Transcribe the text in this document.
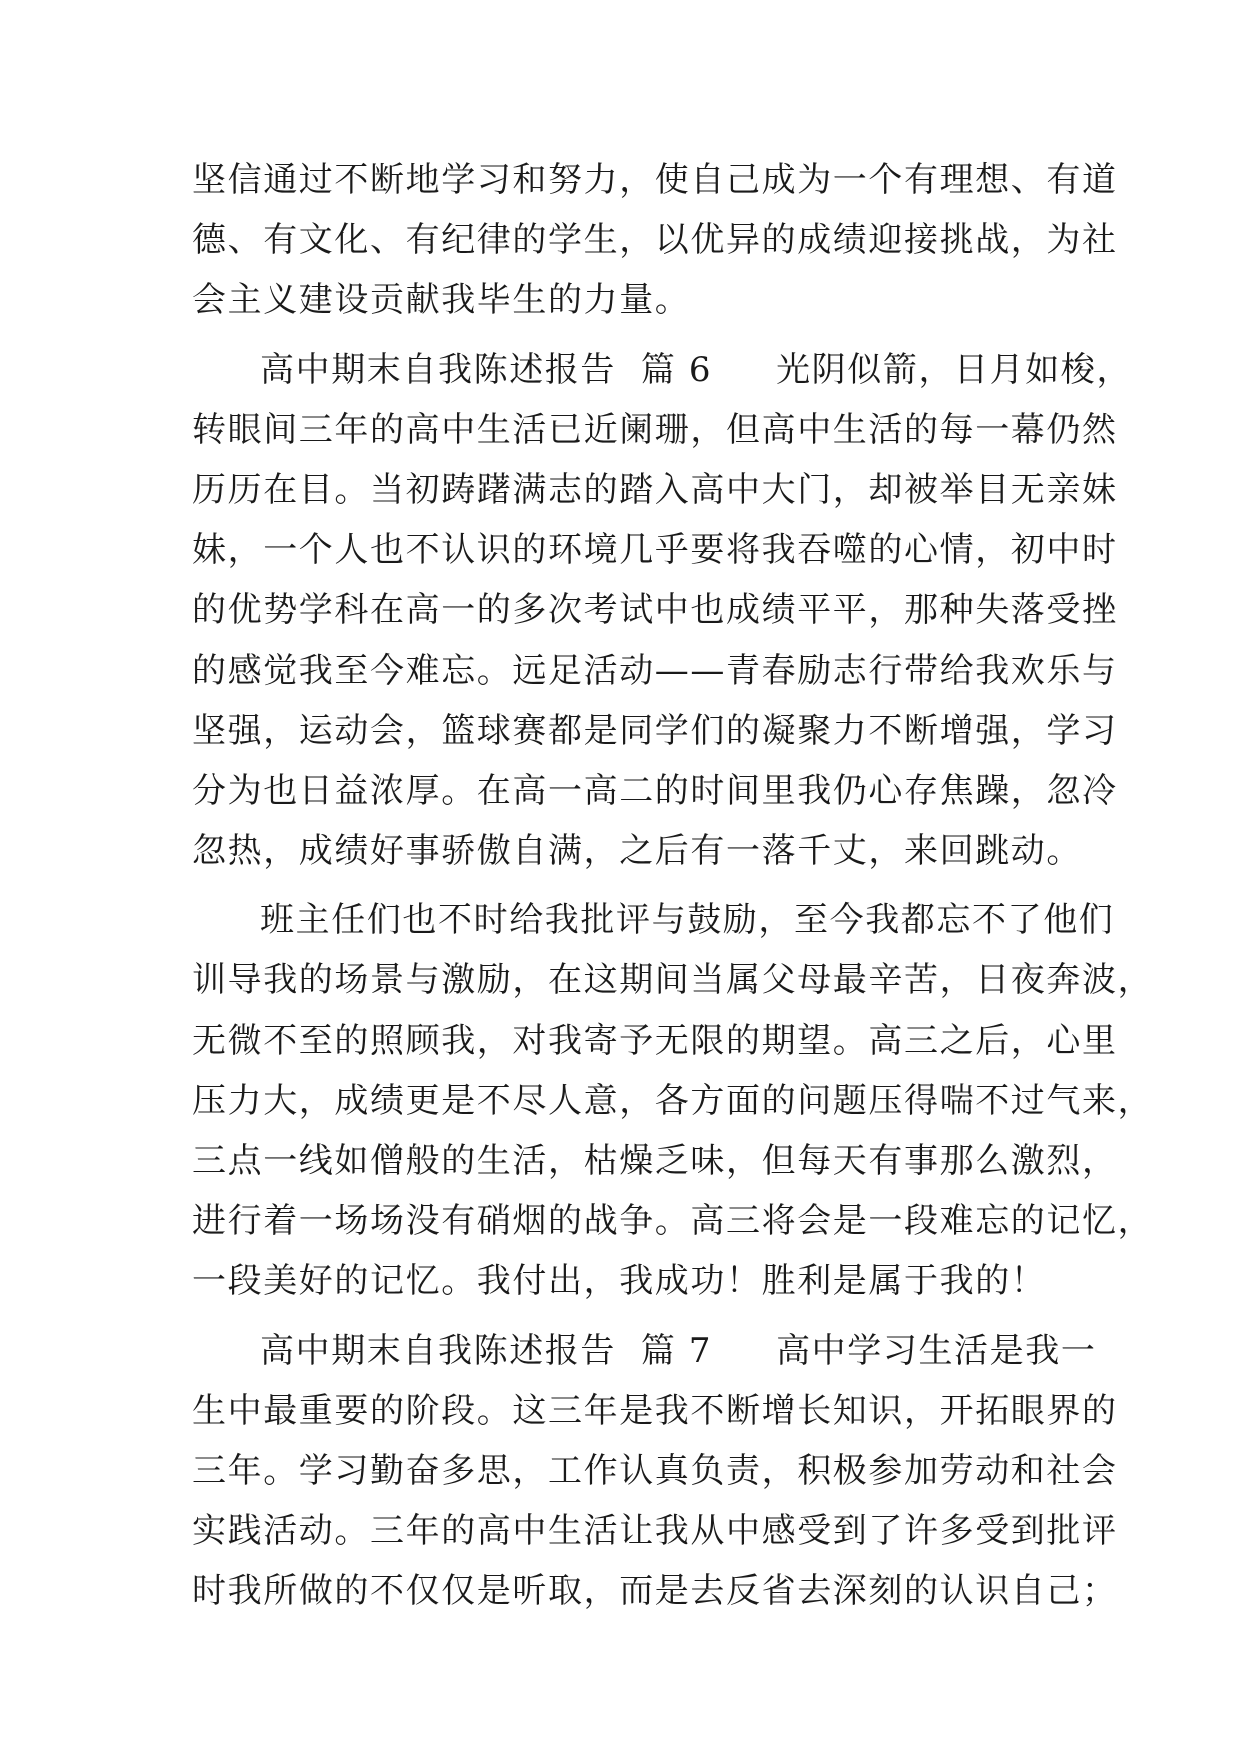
坚信通过不断地学习和努力，使自己成为一个有理想、有道
德、有文化、有纪律的学生，以优异的成绩迎接挑战，为社
会主义建设贡献我毕生的力量。
高中期末自我陈述报告  篇 6 光阴似箭，日月如梭，
转眼间三年的高中生活已近阑珊，但高中生活的每一幕仍然
历历在目。当初踌躇满志的踏入高中大门，却被举目无亲妹
妹，一个人也不认识的环境几乎要将我吞噬的心情，初中时
的优势学科在高一的多次考试中也成绩平平，那种失落受挫
的感觉我至今难忘。远足活动——青春励志行带给我欢乐与
坚强，运动会，篮球赛都是同学们的凝聚力不断增强，学习
分为也日益浓厚。在高一高二的时间里我仍心存焦躁，忽冷
忽热，成绩好事骄傲自满，之后有一落千丈，来回跳动。
班主任们也不时给我批评与鼓励，至今我都忘不了他们
训导我的场景与激励，在这期间当属父母最辛苦，日夜奔波，
无微不至的照顾我，对我寄予无限的期望。高三之后，心里
压力大，成绩更是不尽人意，各方面的问题压得喘不过气来，
三点一线如僧般的生活，枯燥乏味，但每天有事那么激烈，
进行着一场场没有硝烟的战争。高三将会是一段难忘的记忆，
一段美好的记忆。我付出，我成功！胜利是属于我的！
高中期末自我陈述报告  篇 7 高中学习生活是我一
生中最重要的阶段。这三年是我不断增长知识，开拓眼界的
三年。学习勤奋多思，工作认真负责，积极参加劳动和社会
实践活动。三年的高中生活让我从中感受到了许多受到批评
时我所做的不仅仅是听取，而是去反省去深刻的认识自己；
